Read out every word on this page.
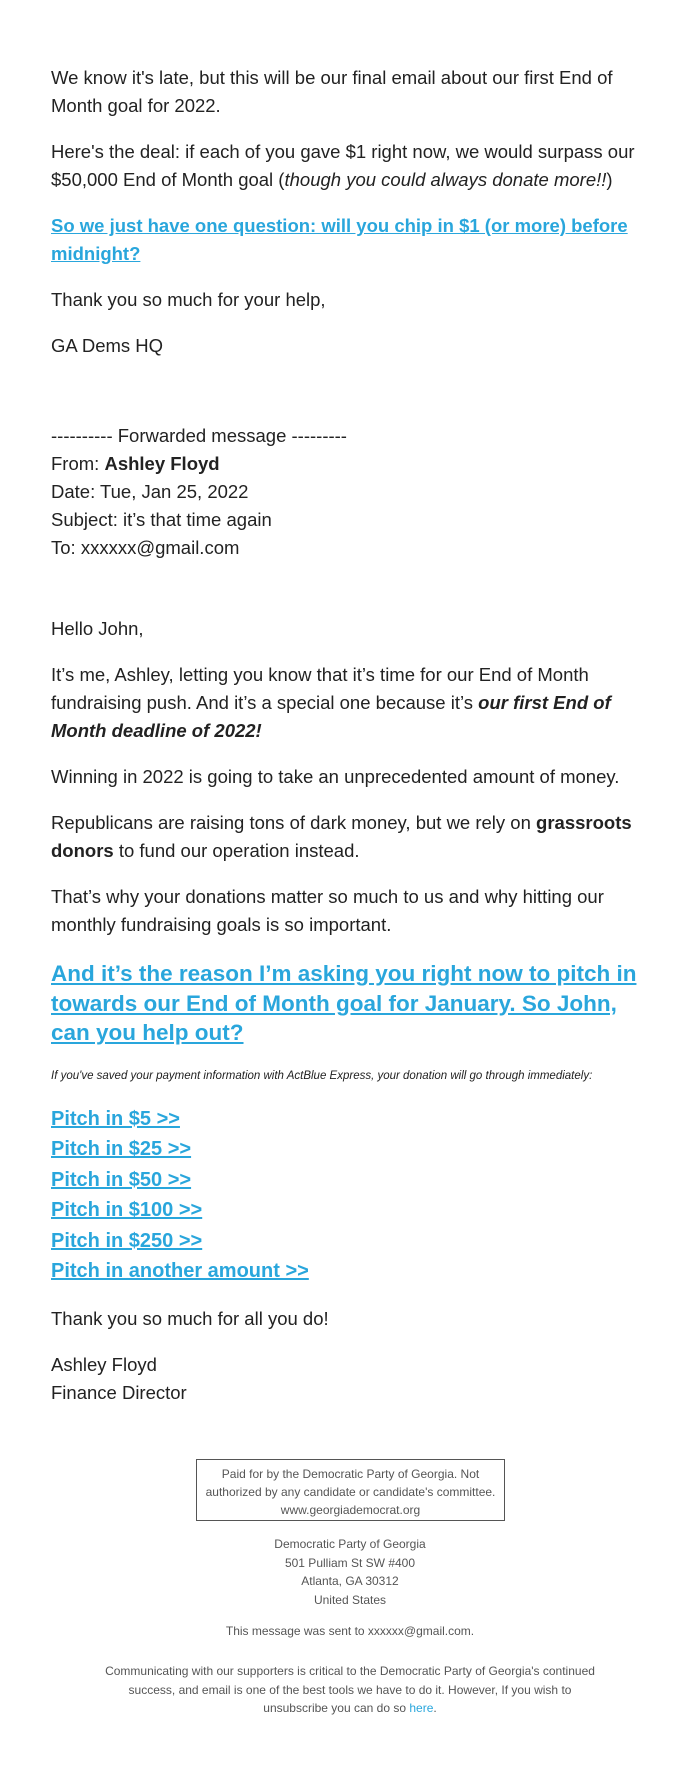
We know it's late, but this will be our final email about our first End of Month goal for 2022.

Here's the deal: if each of you gave $1 right now, we would surpass our $50,000 End of Month goal (though you could always donate more!!)

So we just have one question: will you chip in $1 (or more) before midnight?

Thank you so much for your help,

GA Dems HQ

---------- Forwarded message ---------

From: Ashley Floyd

Date: Tue, Jan 25, 2022

Subject: it’s that time again

To: xxxxxx@gmail.com

Hello John,

It’s me, Ashley, letting you know that it’s time for our End of Month fundraising push. And it’s a special one because it’s our first End of Month deadline of 2022!

Winning in 2022 is going to take an unprecedented amount of money.

Republicans are raising tons of dark money, but we rely on grassroots donors to fund our operation instead.

That’s why your donations matter so much to us and why hitting our monthly fundraising goals is so important.

And it’s the reason I’m asking you right now to pitch in towards our End of Month goal for January. So John, can you help out?
If you've saved your payment information with ActBlue Express, your donation will go through immediately:
Pitch in $5 >>
Pitch in $25 >>
Pitch in $50 >>
Pitch in $100 >>
Pitch in $250 >>
Pitch in another amount >>

Thank you so much for all you do!

Ashley Floyd

Finance Director

Paid for by the Democratic Party of Georgia. Not
authorized by any candidate or candidate's committee.
www.georgiademocrat.org
Democratic Party of Georgia
501 Pulliam St SW #400
Atlanta, GA 30312
United States
This message was sent to xxxxxx@gmail.com.
Communicating with our supporters is critical to the Democratic Party of Georgia's continued success, and email is one of the best tools we have to do it. However, If you wish to unsubscribe you can do so here.
